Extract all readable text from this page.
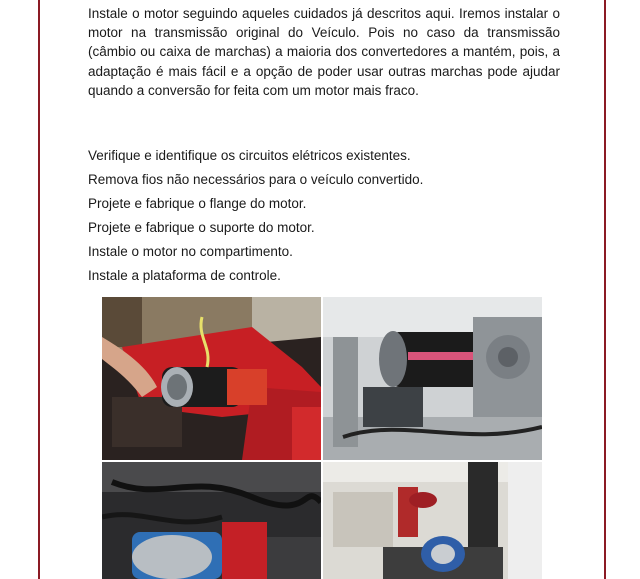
Instale o motor seguindo aqueles cuidados já descritos aqui. Iremos instalar o motor na transmissão original do Veículo. Pois no caso da transmissão (câmbio ou caixa de marchas) a maioria dos convertedores a mantém, pois, a adaptação é mais fácil e a opção de poder usar outras marchas pode ajudar quando a conversão for feita com um motor mais fraco.

Verifique e identifique os circuitos elétricos existentes.
Remova fios não necessários para o veículo convertido.
Projete e fabrique o flange do motor.
Projete e fabrique o suporte do motor.
Instale o motor no compartimento.
Instale a plataforma de controle.
